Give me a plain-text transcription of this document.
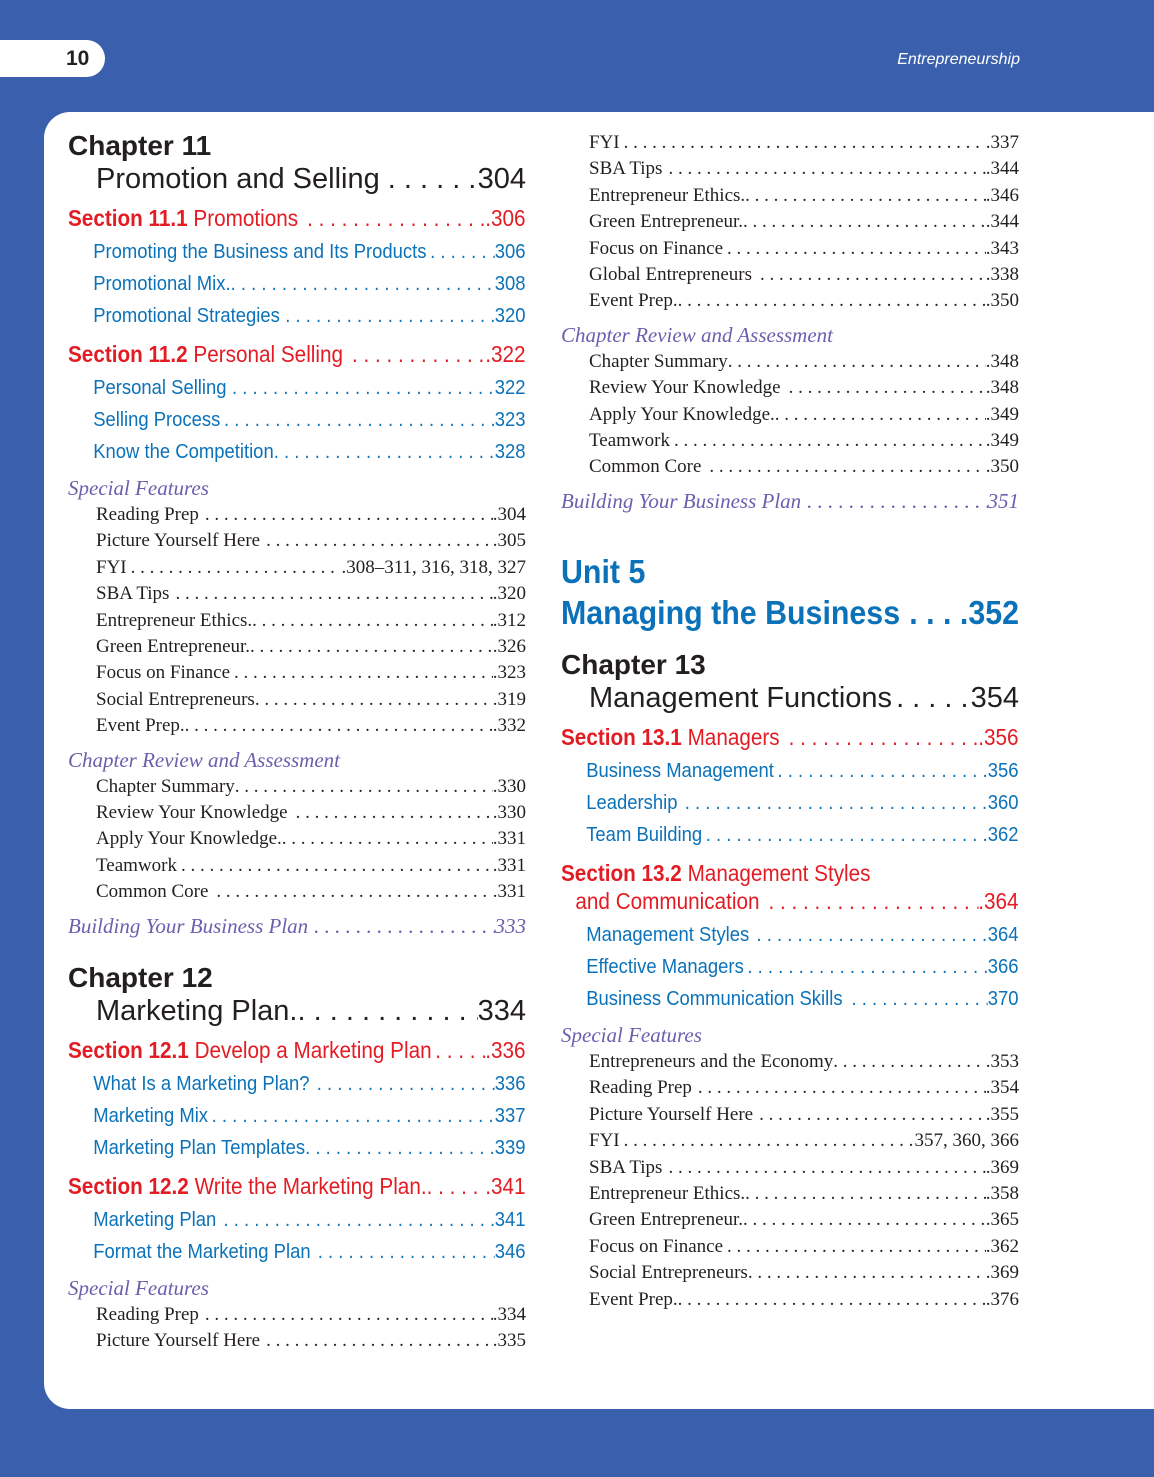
10	Entrepreneurship
Chapter 11
Promotion and Selling . . .	304
Section 11.1 Promotions . . .	.306
Promoting the Business and Its Products . . .	306
Promotional Mix. . . .	308
Promotional Strategies . . .	320
Section 11.2 Personal Selling . . .	.322
Personal Selling . . .	322
Selling Process . . .	323
Know the Competition . . .	328
Special Features
Reading Prep . . .	.304
Picture Yourself Here . . .	.305
FYI . . .	.308–311, 316, 318, 327
SBA Tips . . .	.320
Entrepreneur Ethics. . . .	.312
Green Entrepreneur. . . .	.326
Focus on Finance . . .	.323
Social Entrepreneurs . . .	.319
Event Prep. . . .	.332
Chapter Review and Assessment
Chapter Summary . . .	.330
Review Your Knowledge . . .	.330
Apply Your Knowledge. . . .	.331
Teamwork . . .	.331
Common Core . . .	.331
Building Your Business Plan . . .	333
Chapter 12
Marketing Plan. . . .	334
Section 12.1 Develop a Marketing Plan . . . .336
What Is a Marketing Plan? . . .	336
Marketing Mix . . .	337
Marketing Plan Templates . . .	339
Section 12.2 Write the Marketing Plan. . . .	.341
Marketing Plan . . .	341
Format the Marketing Plan . . .	346
Special Features
Reading Prep . . .	.334
Picture Yourself Here . . .	.335
FYI . . .	.337
SBA Tips . . .	.344
Entrepreneur Ethics. . . .	.346
Green Entrepreneur. . . .	.344
Focus on Finance . . .	.343
Global Entrepreneurs . . .	.338
Event Prep. . . .	.350
Chapter Review and Assessment
Chapter Summary . . .	.348
Review Your Knowledge . . .	.348
Apply Your Knowledge. . . .	.349
Teamwork . . .	.349
Common Core . . .	.350
Building Your Business Plan . . .	351
Unit 5
Managing the Business . . . 352
Chapter 13
Management Functions . . .	354
Section 13.1 Managers . . .	.356
Business Management . . .	356
Leadership . . .	360
Team Building . . .	362
Section 13.2 Management Styles
and Communication . . .	.364
Management Styles . . .	364
Effective Managers . . .	366
Business Communication Skills . . .	370
Special Features
Entrepreneurs and the Economy . . .	.353
Reading Prep . . .	.354
Picture Yourself Here . . .	.355
FYI . . .	357, 360, 366
SBA Tips . . .	.369
Entrepreneur Ethics. . . .	.358
Green Entrepreneur. . . .	.365
Focus on Finance . . .	.362
Social Entrepreneurs . . .	.369
Event Prep. . . .	.376
